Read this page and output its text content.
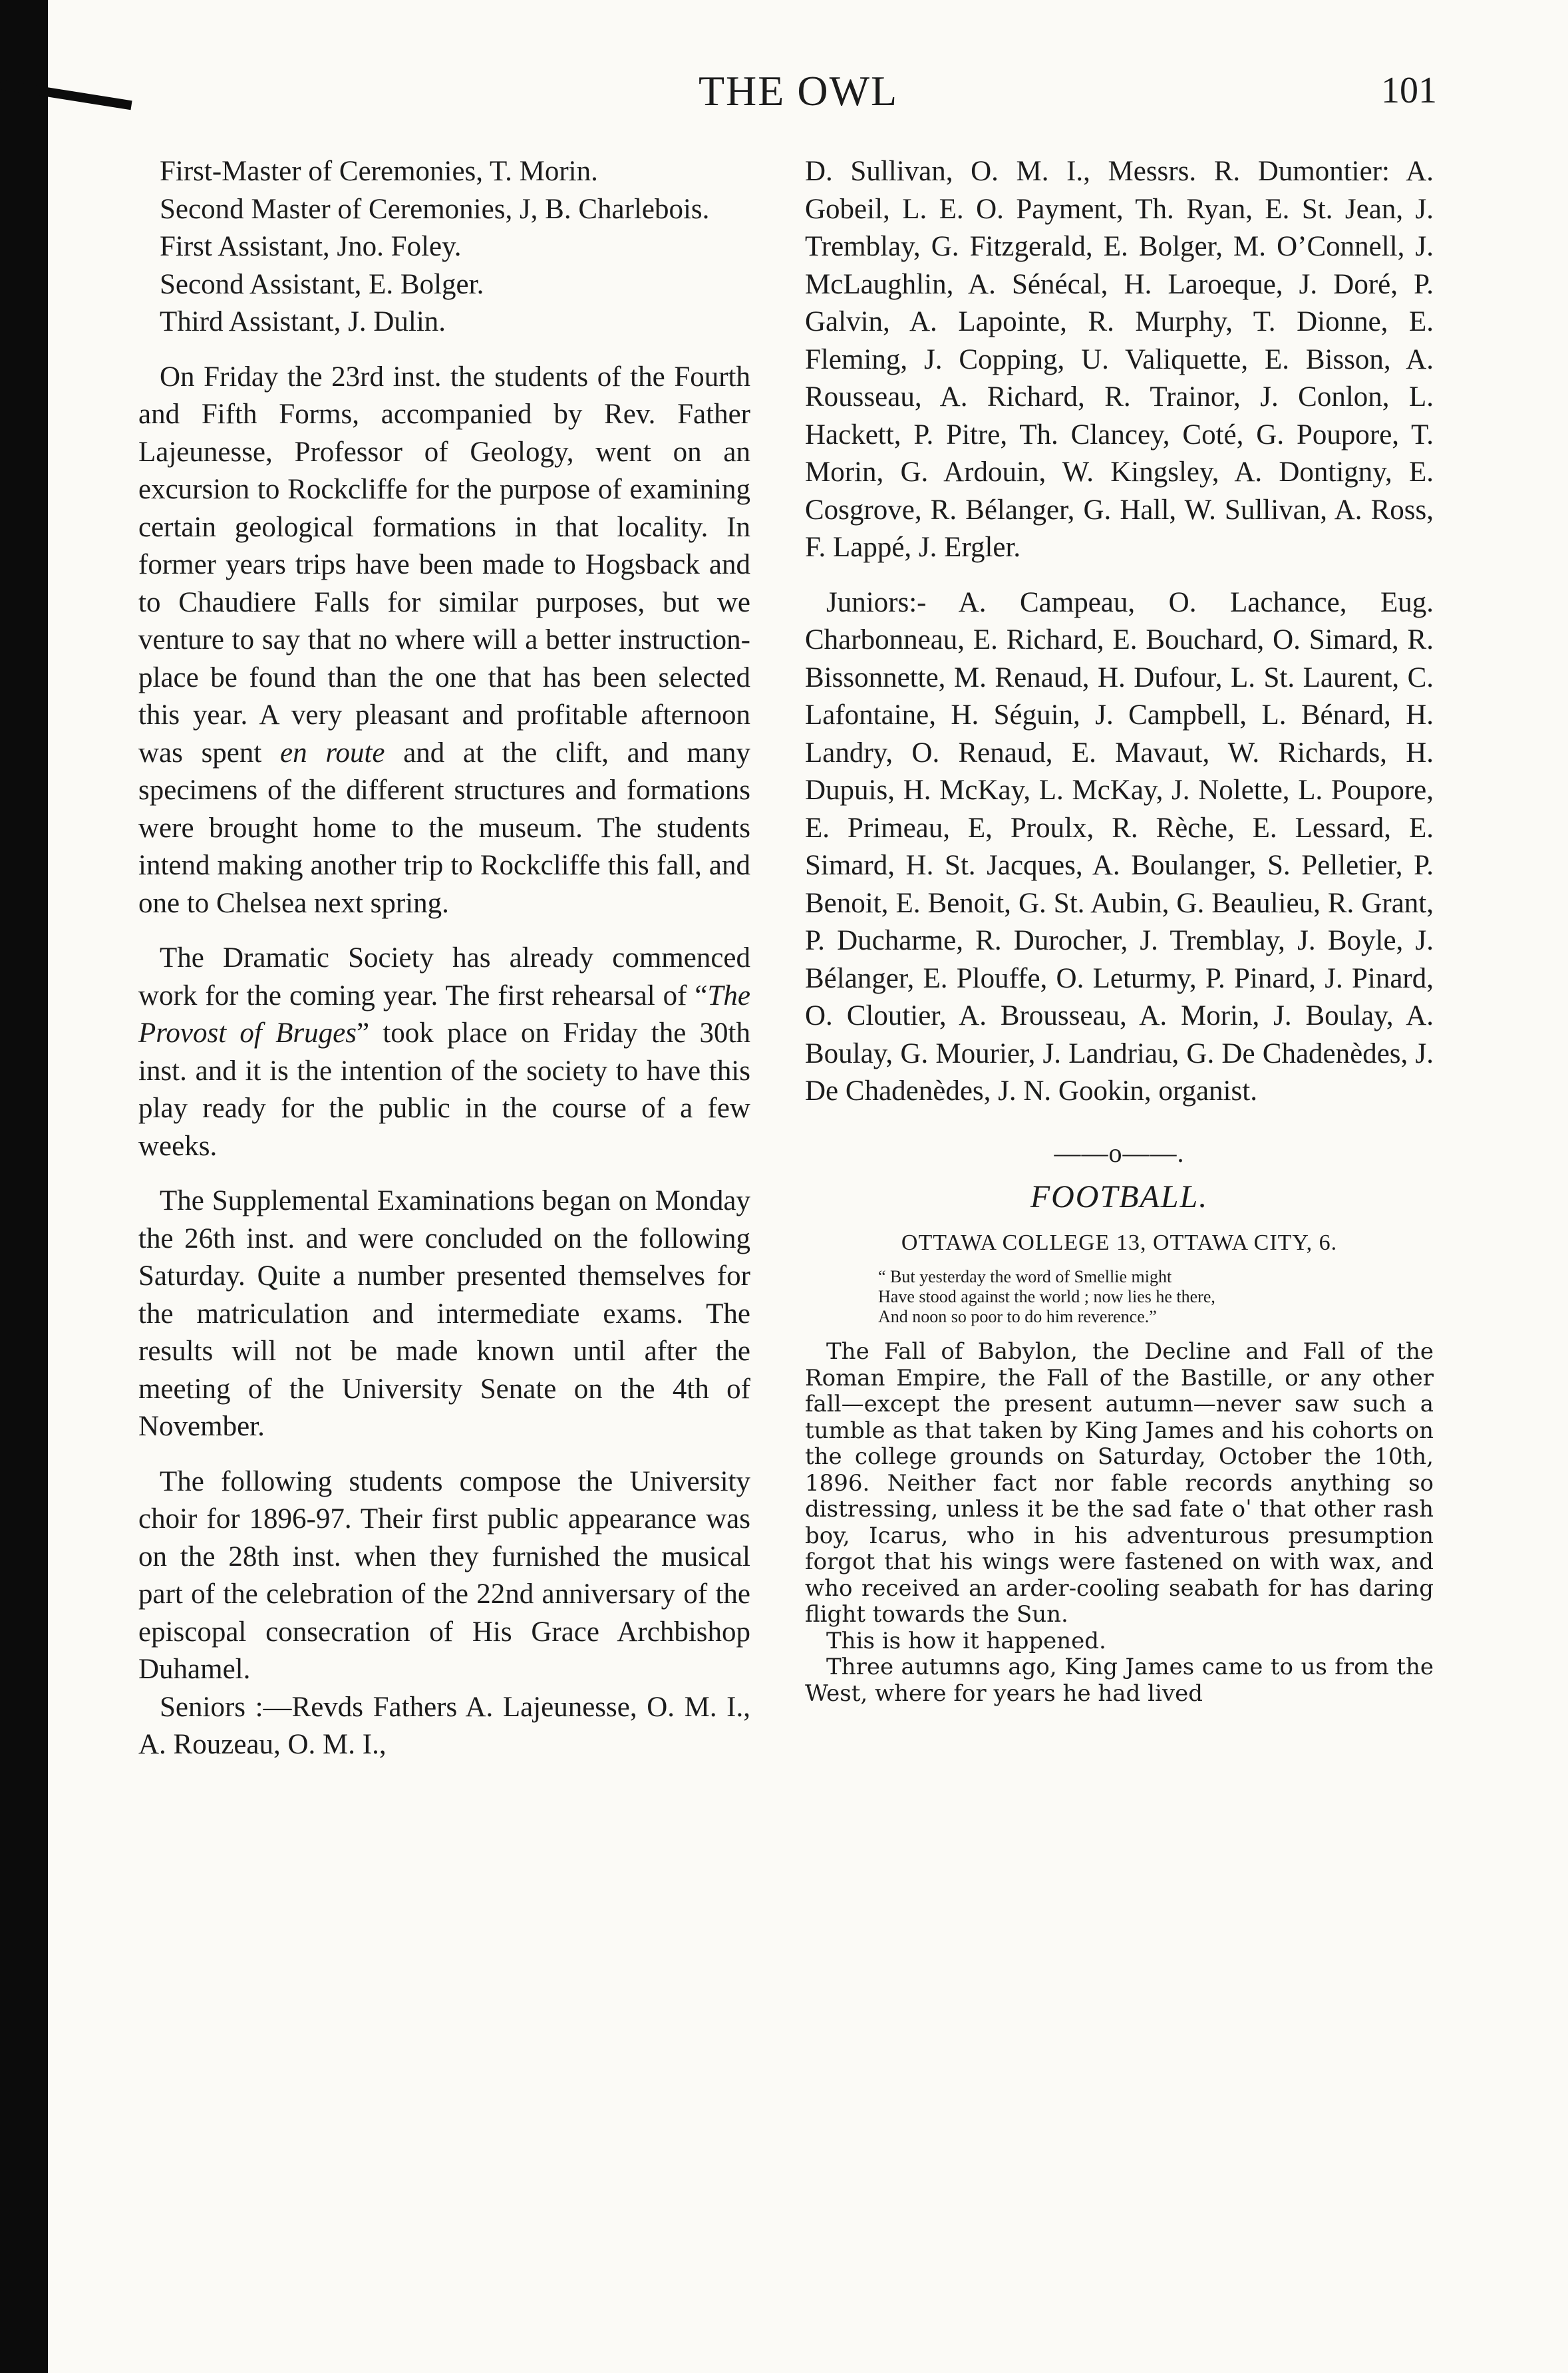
THE OWL	101

First-Master of Ceremonies, T. Morin.

Second Master of Ceremonies, J, B. Charlebois.

First Assistant, Jno. Foley.

Second Assistant, E. Bolger.

Third Assistant, J. Dulin.

On Friday the 23rd inst. the students of the Fourth and Fifth Forms, accompanied by Rev. Father Lajeunesse, Professor of Geology, went on an excursion to Rockcliffe for the purpose of examining certain geological formations in that locality. In former years trips have been made to Hogsback and to Chaudiere Falls for similar purposes, but we venture to say that no where will a better instruction-place be found than the one that has been selected this year. A very pleasant and profitable afternoon was spent en route and at the clift, and many specimens of the different structures and formations were brought home to the museum. The students intend making another trip to Rockcliffe this fall, and one to Chelsea next spring.

The Dramatic Society has already commenced work for the coming year. The first rehearsal of “The Provost of Bruges” took place on Friday the 30th inst. and it is the intention of the society to have this play ready for the public in the course of a few weeks.

The Supplemental Examinations began on Monday the 26th inst. and were concluded on the following Saturday. Quite a number presented themselves for the matriculation and intermediate exams. The results will not be made known until after the meeting of the University Senate on the 4th of November.

The following students compose the University choir for 1896-97. Their first public appearance was on the 28th inst. when they furnished the musical part of the celebration of the 22nd anniversary of the episcopal consecration of His Grace Archbishop Duhamel.

Seniors :—Revds Fathers A. Lajeunesse, O. M. I., A. Rouzeau, O. M. I.,

D. Sullivan, O. M. I., Messrs. R. Dumontier: A. Gobeil, L. E. O. Payment, Th. Ryan, E. St. Jean, J. Tremblay, G. Fitzgerald, E. Bolger, M. O’Connell, J. McLaughlin, A. Sénécal, H. Laroeque, J. Doré, P. Galvin, A. Lapointe, R. Murphy, T. Dionne, E. Fleming, J. Copping, U. Valiquette, E. Bisson, A. Rousseau, A. Richard, R. Trainor, J. Conlon, L. Hackett, P. Pitre, Th. Clancey, Coté, G. Poupore, T. Morin, G. Ardouin, W. Kingsley, A. Dontigny, E. Cosgrove, R. Bélanger, G. Hall, W. Sullivan, A. Ross, F. Lappé, J. Ergler.

Juniors:- A. Campeau, O. Lachance, Eug. Charbonneau, E. Richard, E. Bouchard, O. Simard, R. Bissonnette, M. Renaud, H. Dufour, L. St. Laurent, C. Lafontaine, H. Séguin, J. Campbell, L. Bénard, H. Landry, O. Renaud, E. Mavaut, W. Richards, H. Dupuis, H. McKay, L. McKay, J. Nolette, L. Poupore, E. Primeau, E, Proulx, R. Rèche, E. Lessard, E. Simard, H. St. Jacques, A. Boulanger, S. Pelletier, P. Benoit, E. Benoit, G. St. Aubin, G. Beaulieu, R. Grant, P. Ducharme, R. Durocher, J. Tremblay, J. Boyle, J. Bélanger, E. Plouffe, O. Leturmy, P. Pinard, J. Pinard, O. Cloutier, A. Brousseau, A. Morin, J. Boulay, A. Boulay, G. Mourier, J. Landriau, G. De Chadenèdes, J. De Chadenèdes, J. N. Gookin, organist.

——o——.
FOOTBALL.
OTTAWA COLLEGE 13, OTTAWA CITY, 6.
“ But yesterday the word of Smellie might
Have stood against the world ; now lies he there,
And noon so poor to do him reverence.”

The Fall of Babylon, the Decline and Fall of the Roman Empire, the Fall of the Bastille, or any other fall—except the present autumn—never saw such a tumble as that taken by King James and his cohorts on the college grounds on Saturday, October the 10th, 1896. Neither fact nor fable records anything so distressing, unless it be the sad fate oˈ that other rash boy, Icarus, who in his adventurous presumption forgot that his wings were fastened on with wax, and who received an arder-cooling seabath for has daring flight towards the Sun.

This is how it happened.

Three autumns ago, King James came to us from the West, where for years he had lived
